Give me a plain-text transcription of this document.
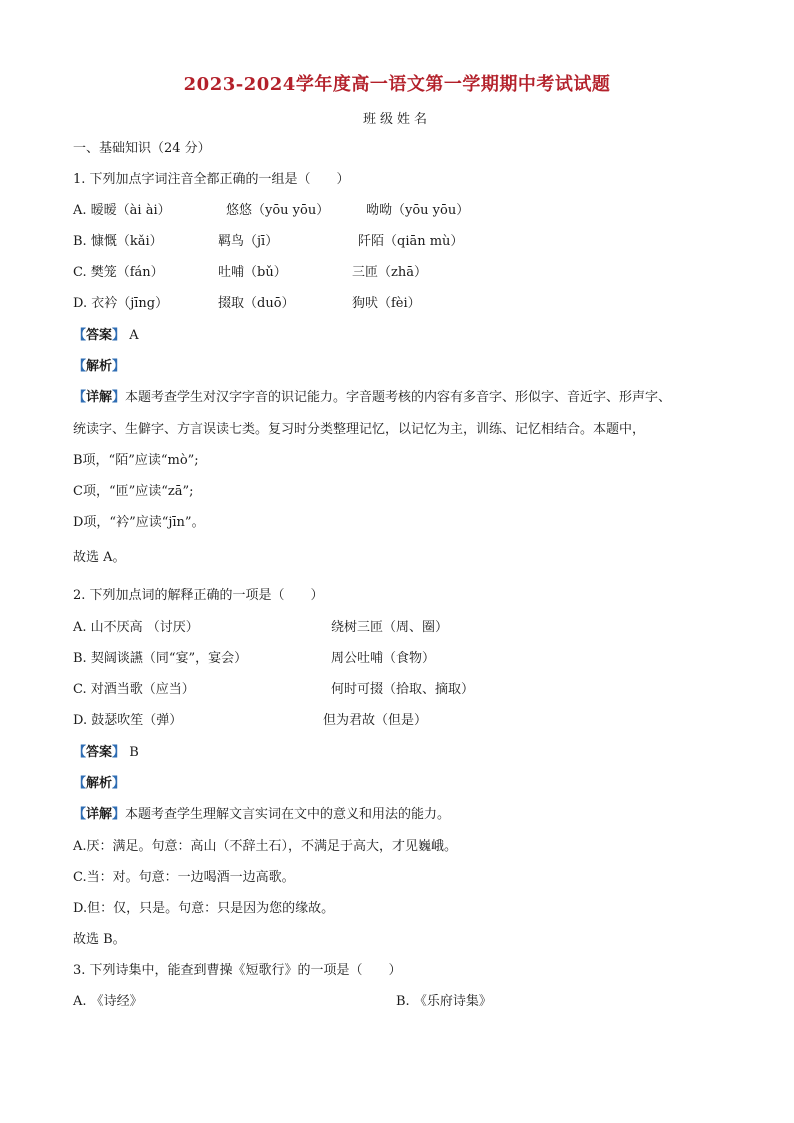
2023-2024学年度高一语文第一学期期中考试试题
班级姓名
一、基础知识（24 分）
1. 下列加点字词注音全都正确的一组是（　　）
A. 暧暧（ài ài）	悠悠（yōu yōu）	呦呦（yōu yōu）
B. 慷慨（kǎi）	羁鸟（jī）	阡陌（qiān mù）
C. 樊笼（fán）	吐哺（bǔ）	三匝（zhā）
D. 衣衿（jīng）	掇取（duō）	狗吠（fèi）
【答案】 A
【解析】
【详解】本题考查学生对汉字字音的识记能力。字音题考核的内容有多音字、形似字、音近字、形声字、
统读字、生僻字、方言误读七类。复习时分类整理记忆，以记忆为主，训练、记忆相结合。本题中，
B项，“陌”应读“mò”;
C项，“匝”应读“zā”;
D项，“衿”应读“jīn”。
故选 A。
2. 下列加点词的解释正确的一项是（　　）
A. 山不厌高 （讨厌）	绕树三匝（周、圈）
B. 契阔谈讌（同“宴”，宴会）	周公吐哺（食物）
C. 对酒当歌（应当）	何时可掇（拾取、摘取）
D. 鼓瑟吹笙（弹）	但为君故（但是）
【答案】 B
【解析】
【详解】本题考查学生理解文言实词在文中的意义和用法的能力。
A.厌：满足。句意：高山（不辞土石），不满足于高大，才见巍峨。
C.当：对。句意：一边喝酒一边高歌。
D.但：仅，只是。句意：只是因为您的缘故。
故选 B。
3. 下列诗集中，能查到曹操《短歌行》的一项是（　　）
A. 《诗经》	B. 《乐府诗集》
